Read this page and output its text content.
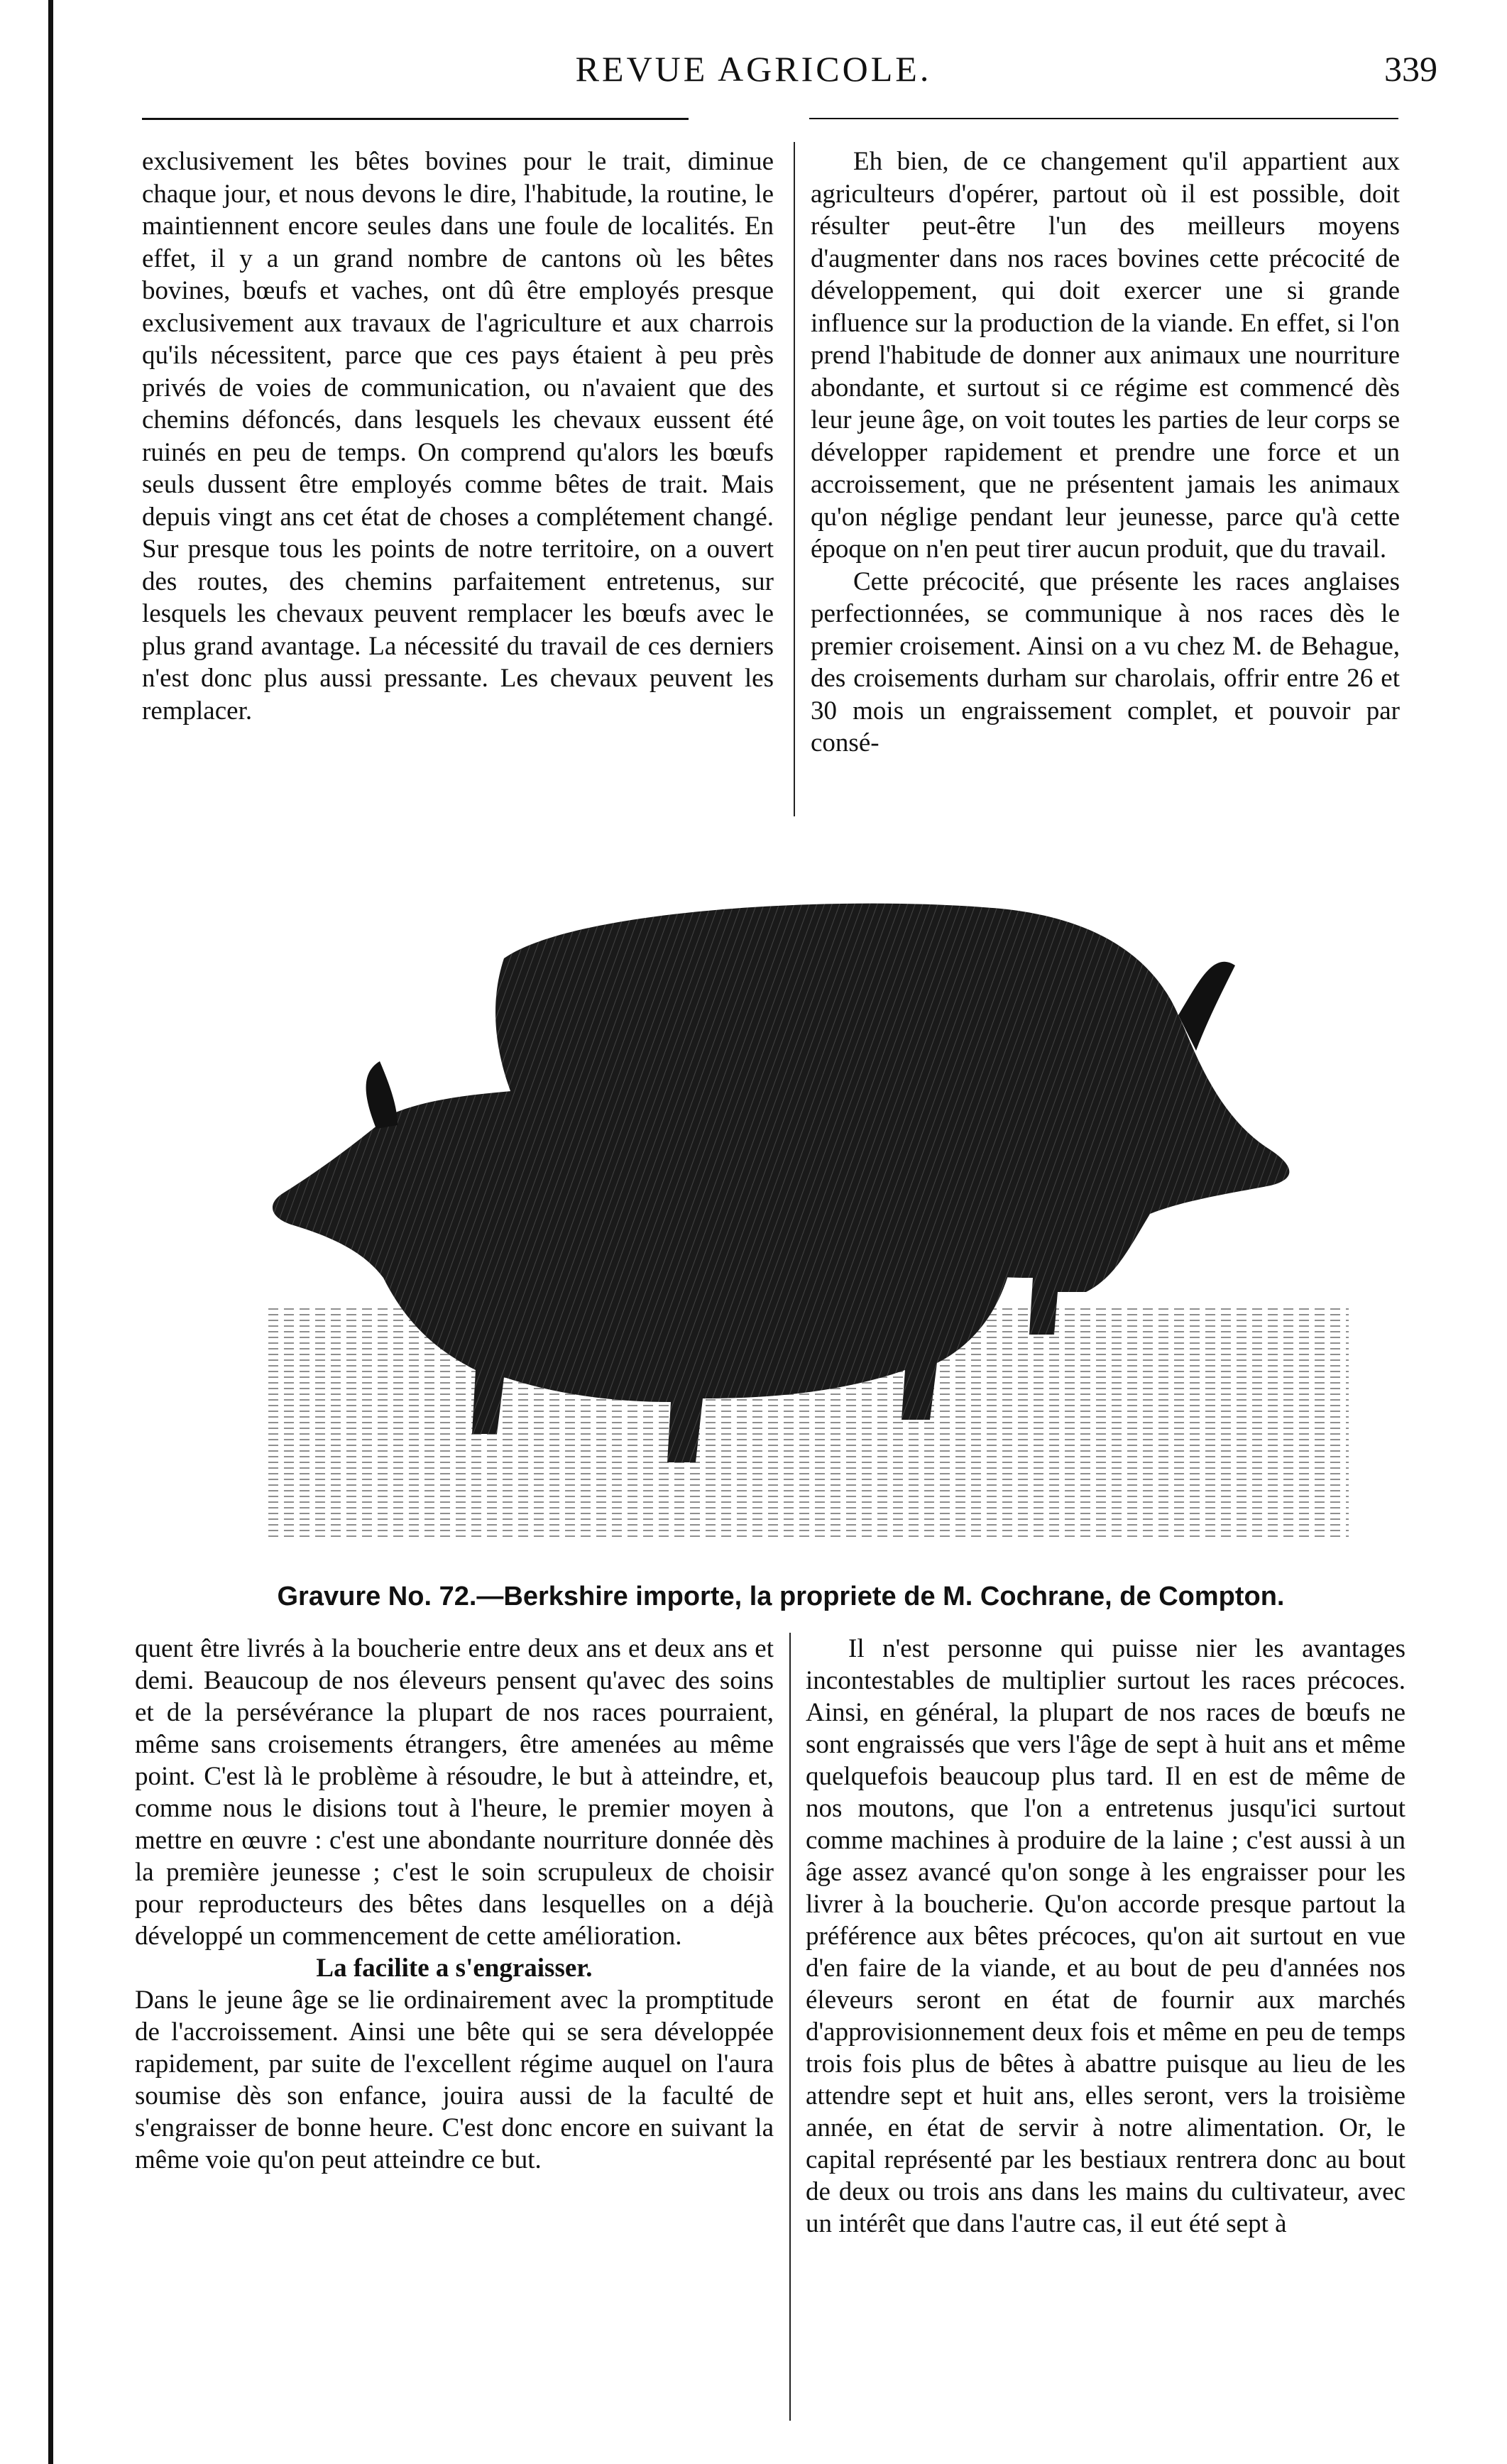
REVUE AGRICOLE.	339

exclusivement les bêtes bovines pour le trait, diminue chaque jour, et nous devons le dire, l'habitude, la routine, le maintiennent encore seules dans une foule de localités. En effet, il y a un grand nombre de cantons où les bêtes bovines, bœufs et vaches, ont dû être employés presque exclusivement aux travaux de l'agriculture et aux charrois qu'ils nécessitent, parce que ces pays étaient à peu près privés de voies de communication, ou n'avaient que des chemins défoncés, dans lesquels les chevaux eussent été ruinés en peu de temps. On comprend qu'alors les bœufs seuls dussent être employés comme bêtes de trait. Mais depuis vingt ans cet état de choses a complétement changé. Sur presque tous les points de notre territoire, on a ouvert des routes, des chemins parfaitement entretenus, sur lesquels les chevaux peuvent remplacer les bœufs avec le plus grand avantage. La nécessité du travail de ces derniers n'est donc plus aussi pressante. Les chevaux peuvent les remplacer.

Eh bien, de ce changement qu'il appartient aux agriculteurs d'opérer, partout où il est possible, doit résulter peut-être l'un des meilleurs moyens d'augmenter dans nos races bovines cette précocité de développement, qui doit exercer une si grande influence sur la production de la viande. En effet, si l'on prend l'habitude de donner aux animaux une nourriture abondante, et surtout si ce régime est commencé dès leur jeune âge, on voit toutes les parties de leur corps se développer rapidement et prendre une force et un accroissement, que ne présentent jamais les animaux qu'on néglige pendant leur jeunesse, parce qu'à cette époque on n'en peut tirer aucun produit, que du travail.

Cette précocité, que présente les races anglaises perfectionnées, se communique à nos races dès le premier croisement. Ainsi on a vu chez M. de Behague, des croisements durham sur charolais, offrir entre 26 et 30 mois un engraissement complet, et pouvoir par consé-

Gravure No. 72.—Berkshire importe, la propriete de M. Cochrane, de Compton.

quent être livrés à la boucherie entre deux ans et deux ans et demi. Beaucoup de nos éleveurs pensent qu'avec des soins et de la persévérance la plupart de nos races pourraient, même sans croisements étrangers, être amenées au même point. C'est là le problème à résoudre, le but à atteindre, et, comme nous le disions tout à l'heure, le premier moyen à mettre en œuvre : c'est une abondante nourriture donnée dès la première jeunesse ; c'est le soin scrupuleux de choisir pour reproducteurs des bêtes dans lesquelles on a déjà développé un commencement de cette amélioration.

La facilite a s'engraisser.

Dans le jeune âge se lie ordinairement avec la promptitude de l'accroissement. Ainsi une bête qui se sera développée rapidement, par suite de l'excellent régime auquel on l'aura soumise dès son enfance, jouira aussi de la faculté de s'engraisser de bonne heure. C'est donc encore en suivant la même voie qu'on peut atteindre ce but.

Il n'est personne qui puisse nier les avantages incontestables de multiplier surtout les races précoces. Ainsi, en général, la plupart de nos races de bœufs ne sont engraissés que vers l'âge de sept à huit ans et même quelquefois beaucoup plus tard. Il en est de même de nos moutons, que l'on a entretenus jusqu'ici surtout comme machines à produire de la laine ; c'est aussi à un âge assez avancé qu'on songe à les engraisser pour les livrer à la boucherie. Qu'on accorde presque partout la préférence aux bêtes précoces, qu'on ait surtout en vue d'en faire de la viande, et au bout de peu d'années nos éleveurs seront en état de fournir aux marchés d'approvisionnement deux fois et même en peu de temps trois fois plus de bêtes à abattre puisque au lieu de les attendre sept et huit ans, elles seront, vers la troisième année, en état de servir à notre alimentation. Or, le capital représenté par les bestiaux rentrera donc au bout de deux ou trois ans dans les mains du cultivateur, avec un intérêt que dans l'autre cas, il eut été sept à
